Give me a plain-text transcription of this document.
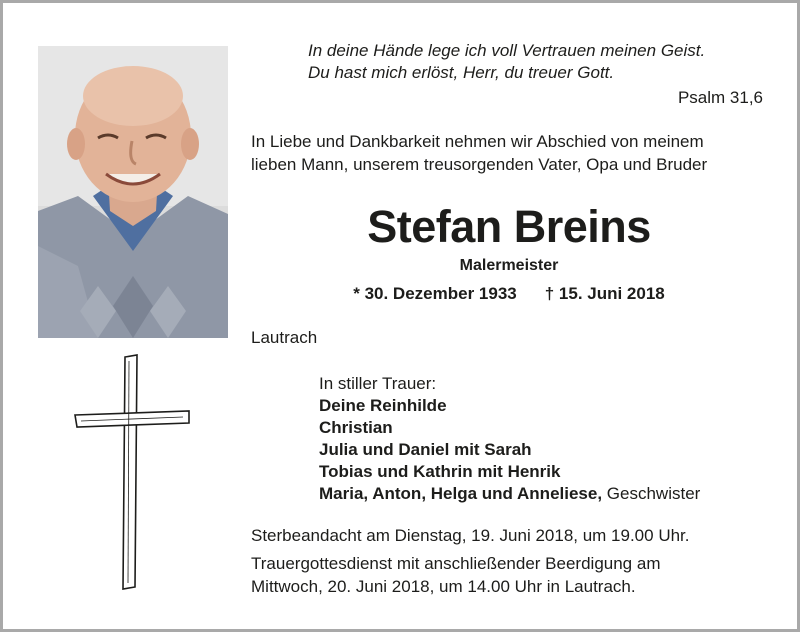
In deine Hände lege ich voll Vertrauen meinen Geist.
Du hast mich erlöst, Herr, du treuer Gott.
Psalm 31,6
In Liebe und Dankbarkeit nehmen wir Abschied von meinem
lieben Mann, unserem treusorgenden Vater, Opa und Bruder
Stefan Breins
Malermeister
* 30. Dezember 1933 † 15. Juni 2018
Lautrach
In stiller Trauer:
Deine Reinhilde
Christian
Julia und Daniel mit Sarah
Tobias und Kathrin mit Henrik
Maria, Anton, Helga und Anneliese, Geschwister
Sterbeandacht am Dienstag, 19. Juni 2018, um 19.00 Uhr.
Trauergottesdienst mit anschließender Beerdigung am
Mittwoch, 20. Juni 2018, um 14.00 Uhr in Lautrach.
